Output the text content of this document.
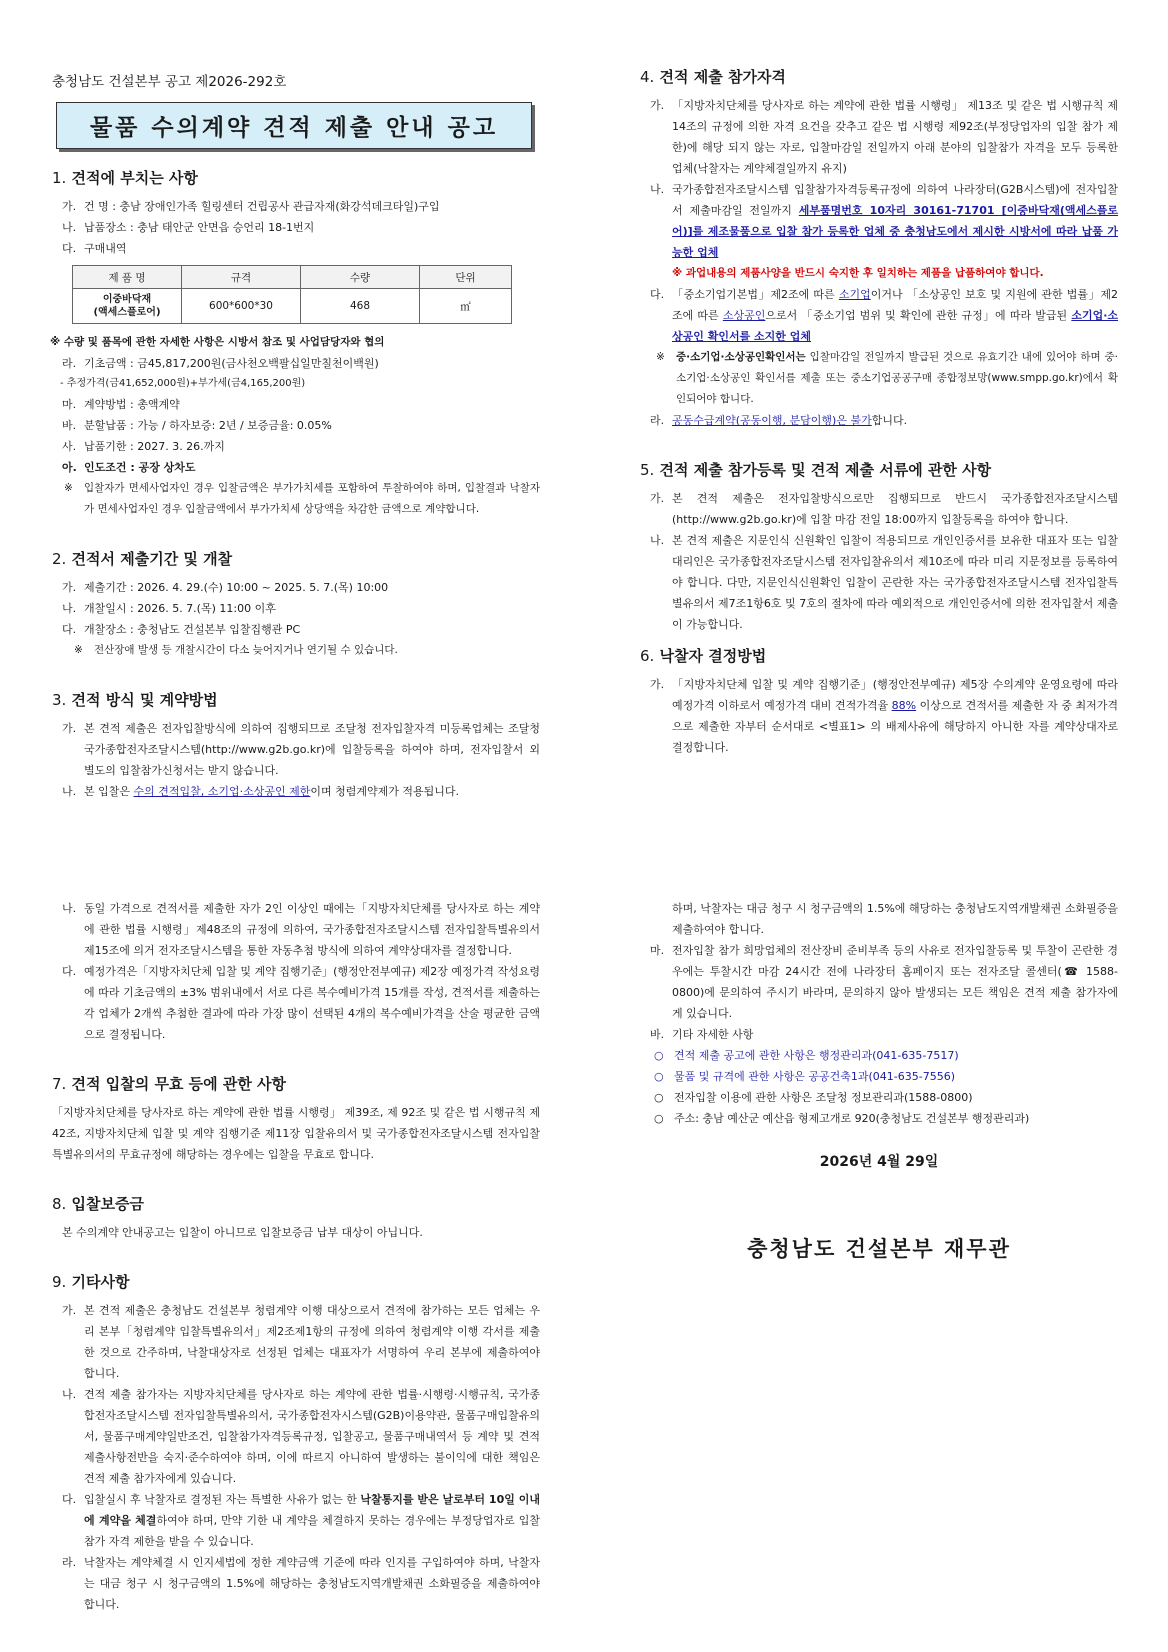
충청남도 건설본부 공고 제2026-292호
물품 수의계약 견적 제출 안내 공고
1. 견적에 부치는 사항
가. 건 명 : 충남 장애인가족 힐링센터 건립공사 관급자재(화강석데크타일)구입
나. 납품장소 : 충남 태안군 안면읍 승언리 18-1번지
다. 구매내역
제 품 명	규격	수량	단위
이중바닥재
(액세스플로어)	600*600*30	468	㎡
※ 수량 및 품목에 관한 자세한 사항은 시방서 참조 및 사업담당자와 협의
라. 기초금액 : 금45,817,200원(금사천오백팔십일만칠천이백원)
- 추정가격(금41,652,000원)+부가세(금4,165,200원)
마. 계약방법 : 총액계약
바. 분할납품 : 가능 / 하자보증: 2년 / 보증금율: 0.05%
사. 납품기한 : 2027. 3. 26.까지
아. 인도조건 : 공장 상차도
※	입찰자가 면세사업자인 경우 입찰금액은 부가가치세를 포함하여 투찰하여야 하며, 입찰결과 낙찰자가 면세사업자인 경우 입찰금액에서 부가가치세 상당액을 차감한 금액으로 계약합니다.
2. 견적서 제출기간 및 개찰
가. 제출기간 : 2026. 4. 29.(수) 10:00 ~ 2025. 5. 7.(목) 10:00
나. 개찰일시 : 2026. 5. 7.(목) 11:00 이후
다. 개찰장소 : 충청남도 건설본부 입찰집행관 PC
※	전산장애 발생 등 개찰시간이 다소 늦어지거나 연기될 수 있습니다.
3. 견적 방식 및 계약방법
가. 본 견적 제출은 전자입찰방식에 의하여 집행되므로 조달청 전자입찰자격 미등록업체는 조달청 국가종합전자조달시스템(http://www.g2b.go.kr)에 입찰등록을 하여야 하며, 전자입찰서 외 별도의 입찰참가신청서는 받지 않습니다.
나. 본 입찰은 수의 견적입찰, 소기업·소상공인 제한이며 청렴계약제가 적용됩니다.
4. 견적 제출 참가자격
가. 「지방자치단체를 당사자로 하는 계약에 관한 법률 시행령」 제13조 및 같은 법 시행규칙 제14조의 규정에 의한 자격 요건을 갖추고 같은 법 시행령 제92조(부정당업자의 입찰 참가 제한)에 해당 되지 않는 자로, 입찰마감일 전일까지 아래 분야의 입찰참가 자격을 모두 등록한 업체(낙찰자는 계약체결일까지 유지)
나. 국가종합전자조달시스템 입찰참가자격등록규정에 의하여 나라장터(G2B시스템)에 전자입찰서 제출마감일 전일까지 세부품명번호 10자리 30161-71701 [이중바닥재(액세스플로어)]를 제조물품으로 입찰 참가 등록한 업체 중 충청남도에서 제시한 시방서에 따라 납품 가능한 업체
※ 과업내용의 제품사양을 반드시 숙지한 후 일치하는 제품을 납품하여야 합니다.
다. 「중소기업기본법」제2조에 따른 소기업이거나 「소상공인 보호 및 지원에 관한 법률」제2조에 따른 소상공인으로서 「중소기업 범위 및 확인에 관한 규정」에 따라 발급된 소기업·소상공인 확인서를 소지한 업체
※	중·소기업·소상공인확인서는 입찰마감일 전일까지 발급된 것으로 유효기간 내에 있어야 하며 중·소기업·소상공인 확인서를 제출 또는 중소기업공공구매 종합정보망(www.smpp.go.kr)에서 확인되어야 합니다.
라. 공동수급계약(공동이행, 분담이행)은 불가합니다.
5. 견적 제출 참가등록 및 견적 제출 서류에 관한 사항
가. 본 견적 제출은 전자입찰방식으로만 집행되므로 반드시 국가종합전자조달시스템(http://www.g2b.go.kr)에 입찰 마감 전일 18:00까지 입찰등록을 하여야 합니다.
나. 본 견적 제출은 지문인식 신원확인 입찰이 적용되므로 개인인증서를 보유한 대표자 또는 입찰대리인은 국가종합전자조달시스템 전자입찰유의서 제10조에 따라 미리 지문정보를 등록하여야 합니다. 다만, 지문인식신원확인 입찰이 곤란한 자는 국가종합전자조달시스템 전자입찰특별유의서 제7조1항6호 및 7호의 절차에 따라 예외적으로 개인인증서에 의한 전자입찰서 제출이 가능합니다.
6. 낙찰자 결정방법
가. 「지방자치단체 입찰 및 계약 집행기준」(행정안전부예규) 제5장 수의계약 운영요령에 따라 예정가격 이하로서 예정가격 대비 견적가격율 88% 이상으로 견적서를 제출한 자 중 최저가격으로 제출한 자부터 순서대로 <별표1> 의 배제사유에 해당하지 아니한 자를 계약상대자로 결정합니다.
나. 동일 가격으로 견적서를 제출한 자가 2인 이상인 때에는「지방자치단체를 당사자로 하는 계약에 관한 법률 시행령」제48조의 규정에 의하여, 국가종합전자조달시스템 전자입찰특별유의서 제15조에 의거 전자조달시스템을 통한 자동추첨 방식에 의하여 계약상대자를 결정합니다.
다. 예정가격은「지방자치단체 입찰 및 계약 집행기준」(행정안전부예규) 제2장 예정가격 작성요령에 따라 기초금액의 ±3% 범위내에서 서로 다른 복수예비가격 15개를 작성, 견적서를 제출하는 각 업체가 2개씩 추첨한 결과에 따라 가장 많이 선택된 4개의 복수예비가격을 산술 평균한 금액으로 결정됩니다.
7. 견적 입찰의 무효 등에 관한 사항
「지방자치단체를 당사자로 하는 계약에 관한 법률 시행령」 제39조, 제 92조 및 같은 법 시행규칙 제42조, 지방자치단체 입찰 및 계약 집행기준 제11장 입찰유의서 및 국가종합전자조달시스템 전자입찰특별유의서의 무효규정에 해당하는 경우에는 입찰을 무효로 합니다.
8. 입찰보증금
본 수의계약 안내공고는 입찰이 아니므로 입찰보증금 납부 대상이 아닙니다.
9. 기타사항
가. 본 견적 제출은 충청남도 건설본부 청렴계약 이행 대상으로서 견적에 참가하는 모든 업체는 우리 본부「청렴계약 입찰특별유의서」제2조제1항의 규정에 의하여 청렴계약 이행 각서를 제출한 것으로 간주하며, 낙찰대상자로 선정된 업체는 대표자가 서명하여 우리 본부에 제출하여야 합니다.
나. 견적 제출 참가자는 지방자치단체를 당사자로 하는 계약에 관한 법률·시행령·시행규칙, 국가종합전자조달시스템 전자입찰특별유의서, 국가종합전자시스템(G2B)이용약관, 물품구매입찰유의서, 물품구매계약일반조건, 입찰참가자격등록규정, 입찰공고, 물품구매내역서 등 계약 및 견적 제출사항전반을 숙지·준수하여야 하며, 이에 따르지 아니하여 발생하는 불이익에 대한 책임은 견적 제출 참가자에게 있습니다.
다. 입찰실시 후 낙찰자로 결정된 자는 특별한 사유가 없는 한 낙찰통지를 받은 날로부터 10일 이내에 계약을 체결하여야 하며, 만약 기한 내 계약을 체결하지 못하는 경우에는 부정당업자로 입찰참가 자격 제한을 받을 수 있습니다.
라. 낙찰자는 계약체결 시 인지세법에 정한 계약금액 기준에 따라 인지를 구입하여야 하며, 낙찰자는 대금 청구 시 청구금액의 1.5%에 해당하는 충청남도지역개발채권 소화필증을 제출하여야 합니다.
하며, 낙찰자는 대금 청구 시 청구금액의 1.5%에 해당하는 충청남도지역개발채권 소화필증을 제출하여야 합니다.
마. 전자입찰 참가 희망업체의 전산장비 준비부족 등의 사유로 전자입찰등록 및 투찰이 곤란한 경우에는 투찰시간 마감 24시간 전에 나라장터 홈페이지 또는 전자조달 콜센터(☎ 1588-0800)에 문의하여 주시기 바라며, 문의하지 않아 발생되는 모든 책임은 견적 제출 참가자에게 있습니다.
바. 기타 자세한 사항
○ 견적 제출 공고에 관한 사항은 행정관리과(041-635-7517)
○ 물품 및 규격에 관한 사항은 공공건축1과(041-635-7556)
○ 전자입찰 이용에 관한 사항은 조달청 정보관리과(1588-0800)
○ 주소: 충남 예산군 예산읍 형제고개로 920(충청남도 건설본부 행정관리과)
2026년 4월 29일
충청남도 건설본부 재무관
